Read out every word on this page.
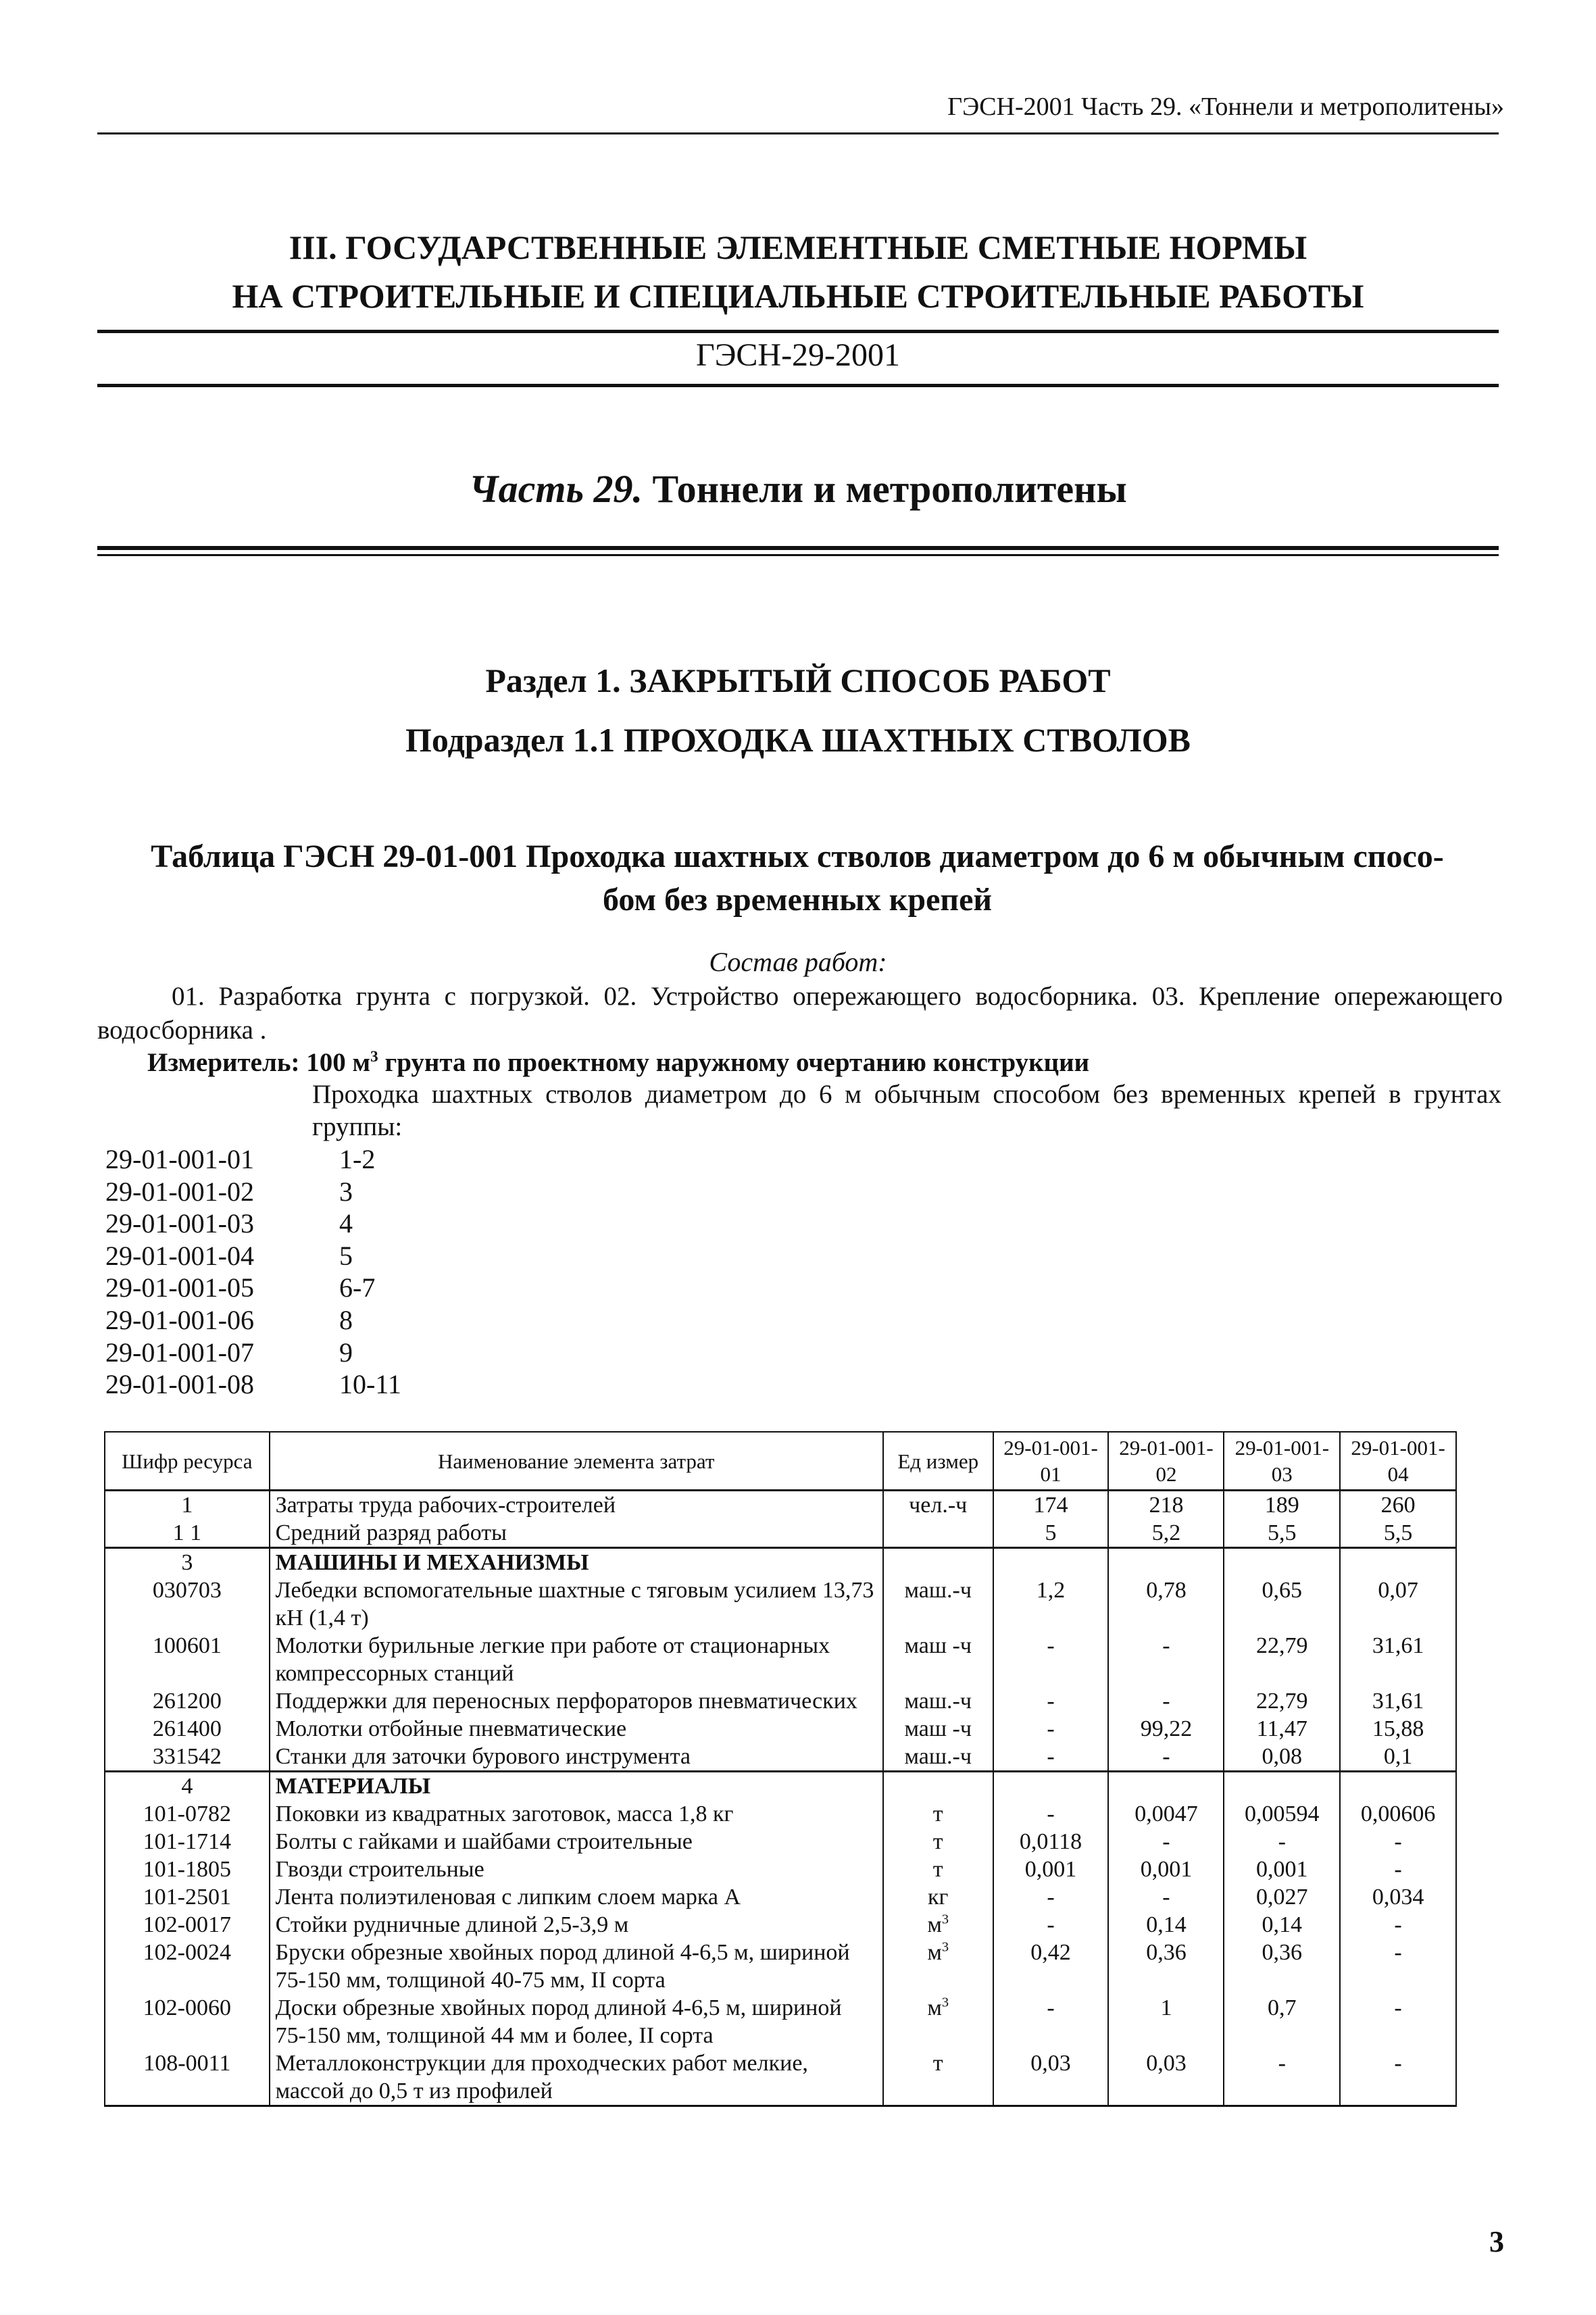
ГЭСН-2001 Часть 29. «Тоннели и метрополитены»
III. ГОСУДАРСТВЕННЫЕ ЭЛЕМЕНТНЫЕ СМЕТНЫЕ НОРМЫ
НА СТРОИТЕЛЬНЫЕ И СПЕЦИАЛЬНЫЕ СТРОИТЕЛЬНЫЕ РАБОТЫ
ГЭСН-29-2001
Часть 29. Тоннели и метрополитены
Раздел 1. ЗАКРЫТЫЙ СПОСОБ РАБОТ
Подраздел 1.1 ПРОХОДКА ШАХТНЫХ СТВОЛОВ
Таблица ГЭСН 29-01-001 Проходка шахтных стволов диаметром до 6 м обычным спосо-
бом без временных крепей
Состав работ:
01. Разработка грунта с погрузкой. 02. Устройство опережающего водосборника. 03. Крепление опережающего водосборника .
Измеритель: 100 $м^3$ грунта по проектному наружному очертанию конструкции
Проходка шахтных стволов диаметром до 6 м обычным способом без временных крепей в грунтах группы:
29-01-001-01	1-2
29-01-001-02	3
29-01-001-03	4
29-01-001-04	5
29-01-001-05	6-7
29-01-001-06	8
29-01-001-07	9
29-01-001-08	10-11
Шифр ресурса	Наименование элемента затрат	Ед измер	29-01-001-01	29-01-001-02	29-01-001-03	29-01-001-04
1	Затраты труда рабочих-строителей	чел.-ч	174	218	189	260
1 1	Средний разряд работы		5	5,2	5,5	5,5
3	МАШИНЫ И МЕХАНИЗМЫ					
030703	Лебедки вспомогательные шахтные с тяговым усилием 13,73 кН (1,4 т)	маш.-ч	1,2	0,78	0,65	0,07
100601	Молотки бурильные легкие при работе от стационарных компрессорных станций	маш -ч	-	-	22,79	31,61
261200	Поддержки для переносных перфораторов пневматических	маш.-ч	-	-	22,79	31,61
261400	Молотки отбойные пневматические	маш -ч	-	99,22	11,47	15,88
331542	Станки для заточки бурового инструмента	маш.-ч	-	-	0,08	0,1
4	МАТЕРИАЛЫ					
101-0782	Поковки из квадратных заготовок, масса 1,8 кг	т	-	0,0047	0,00594	0,00606
101-1714	Болты с гайками и шайбами строительные	т	0,0118	-	-	-
101-1805	Гвозди строительные	т	0,001	0,001	0,001	-
101-2501	Лента полиэтиленовая с липким слоем марка А	кг	-	-	0,027	0,034
102-0017	Стойки рудничные длиной 2,5-3,9 м	$м^3$	-	0,14	0,14	-
102-0024	Бруски обрезные хвойных пород длиной 4-6,5 м, шириной 75-150 мм, толщиной 40-75 мм, II сорта	$м^3$	0,42	0,36	0,36	-
102-0060	Доски обрезные хвойных пород длиной 4-6,5 м, шириной 75-150 мм, толщиной 44 мм и более, II сорта	$м^3$	-	1	0,7	-
108-0011	Металлоконструкции для проходческих работ мелкие, массой до 0,5 т из профилей	т	0,03	0,03	-	-
3
